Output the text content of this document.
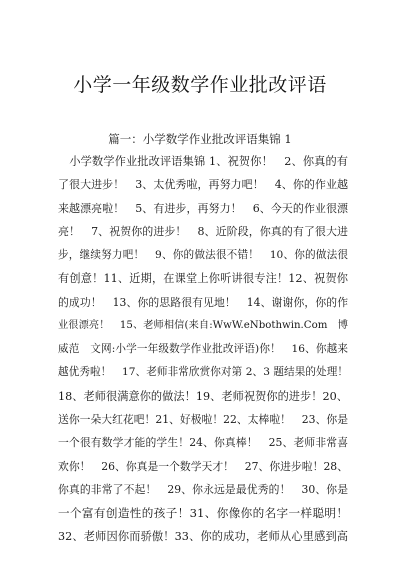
小学一年级数学作业批改评语
篇一：小学数学作业批改评语集锦 1
　小学数学作业批改评语集锦 1、祝贺你！　2、你真的有
了很大进步！　3、太优秀啦，再努力吧！　4、你的作业越
来越漂亮啦！　5、有进步，再努力！　6、今天的作业很漂
亮！　7、祝贺你的进步！　8、近阶段，你真的有了很大进
步，继续努力吧！　9、你的做法很不错！　10、你的做法很
有创意！11、近期，在课堂上你听讲很专注！12、祝贺你
的成功！　13、你的思路很有见地！　14、谢谢你，你的作
业很漂亮！　15、老师相信(来自:WwW.eNbothwin.Com　博
威范　文网:小学一年级数学作业批改评语)你！　16、你越来
越优秀啦！　17、老师非常欣赏你对第 2、3 题结果的处理！
18、老师很满意你的做法！19、老师祝贺你的进步！20、
送你一朵大红花吧！21、好极啦！22、太棒啦！　23、你是
一个很有数学才能的学生！24、你真棒！　25、老师非常喜
欢你！　26、你真是一个数学天才！　27、你进步啦！28、
你真的非常了不起！　29、你永远是最优秀的！　30、你是
一个富有创造性的孩子！31、你像你的名字一样聪明！
32、老师因你而骄傲！33、你的成功，老师从心里感到高
